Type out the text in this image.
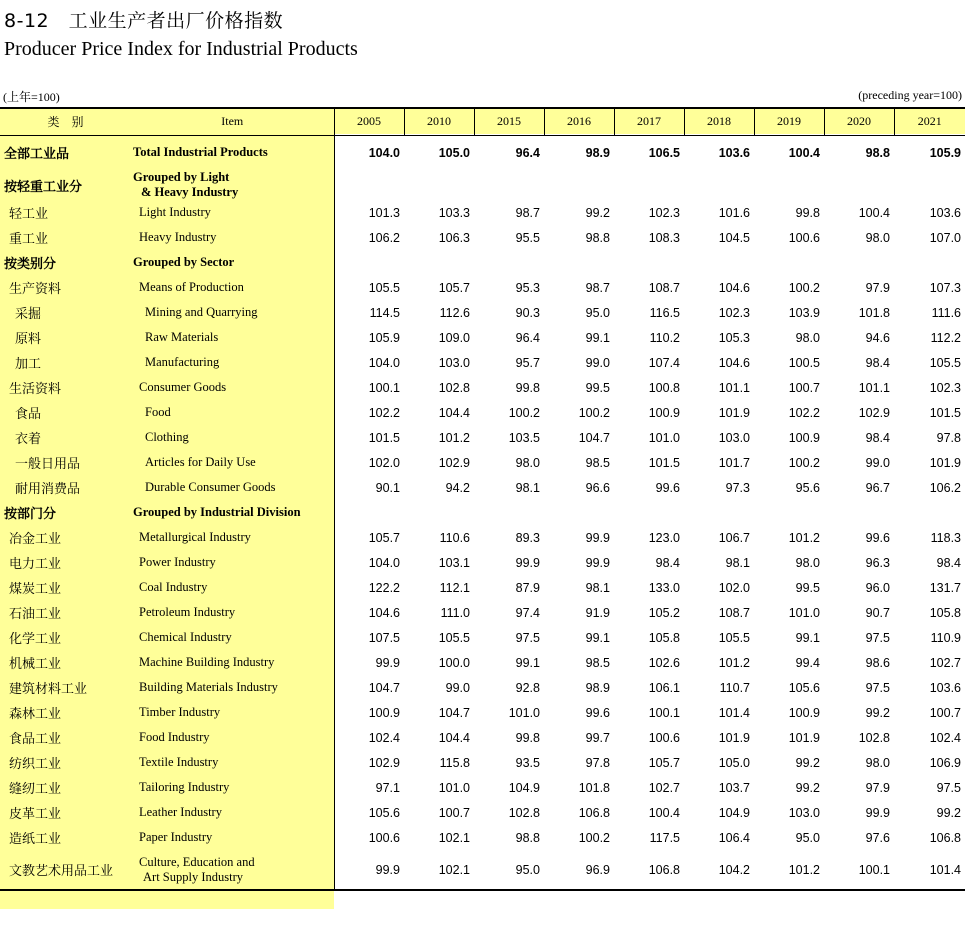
8-12　工业生产者出厂价格指数
Producer Price Index for Industrial Products
(上年=100)	(preceding year=100)
类　别	Item	2005	2010	2015	2016	2017	2018	2019	2020	2021
全部工业品	Total Industrial Products	104.0	105.0	96.4	98.9	106.5	103.6	100.4	98.8	105.9
按轻重工业分	Grouped by Light
& Heavy Industry									

轻工业	Light Industry	101.3	103.3	98.7	99.2	102.3	101.6	99.8	100.4	103.6
重工业	Heavy Industry	106.2	106.3	95.5	98.8	108.3	104.5	100.6	98.0	107.0
按类别分	Grouped by Sector									
生产资料	Means of Production	105.5	105.7	95.3	98.7	108.7	104.6	100.2	97.9	107.3
采掘	Mining and Quarrying	114.5	112.6	90.3	95.0	116.5	102.3	103.9	101.8	111.6
原料	Raw Materials	105.9	109.0	96.4	99.1	110.2	105.3	98.0	94.6	112.2
加工	Manufacturing	104.0	103.0	95.7	99.0	107.4	104.6	100.5	98.4	105.5
生活资料	Consumer Goods	100.1	102.8	99.8	99.5	100.8	101.1	100.7	101.1	102.3
食品	Food	102.2	104.4	100.2	100.2	100.9	101.9	102.2	102.9	101.5
衣着	Clothing	101.5	101.2	103.5	104.7	101.0	103.0	100.9	98.4	97.8
一般日用品	Articles for Daily Use	102.0	102.9	98.0	98.5	101.5	101.7	100.2	99.0	101.9
耐用消费品	Durable Consumer Goods	90.1	94.2	98.1	96.6	99.6	97.3	95.6	96.7	106.2
按部门分	Grouped by Industrial Division									
冶金工业	Metallurgical Industry	105.7	110.6	89.3	99.9	123.0	106.7	101.2	99.6	118.3
电力工业	Power Industry	104.0	103.1	99.9	99.9	98.4	98.1	98.0	96.3	98.4
煤炭工业	Coal Industry	122.2	112.1	87.9	98.1	133.0	102.0	99.5	96.0	131.7
石油工业	Petroleum Industry	104.6	111.0	97.4	91.9	105.2	108.7	101.0	90.7	105.8
化学工业	Chemical Industry	107.5	105.5	97.5	99.1	105.8	105.5	99.1	97.5	110.9
机械工业	Machine Building Industry	99.9	100.0	99.1	98.5	102.6	101.2	99.4	98.6	102.7
建筑材料工业	Building Materials Industry	104.7	99.0	92.8	98.9	106.1	110.7	105.6	97.5	103.6
森林工业	Timber Industry	100.9	104.7	101.0	99.6	100.1	101.4	100.9	99.2	100.7
食品工业	Food Industry	102.4	104.4	99.8	99.7	100.6	101.9	101.9	102.8	102.4
纺织工业	Textile Industry	102.9	115.8	93.5	97.8	105.7	105.0	99.2	98.0	106.9
缝纫工业	Tailoring Industry	97.1	101.0	104.9	101.8	102.7	103.7	99.2	97.9	97.5
皮革工业	Leather Industry	105.6	100.7	102.8	106.8	100.4	104.9	103.0	99.9	99.2
造纸工业	Paper Industry	100.6	102.1	98.8	100.2	117.5	106.4	95.0	97.6	106.8
文教艺术用品工业	Culture, Education and
Art Supply Industry	99.9	102.1	95.0	96.9	106.8	104.2	101.2	100.1	101.4
